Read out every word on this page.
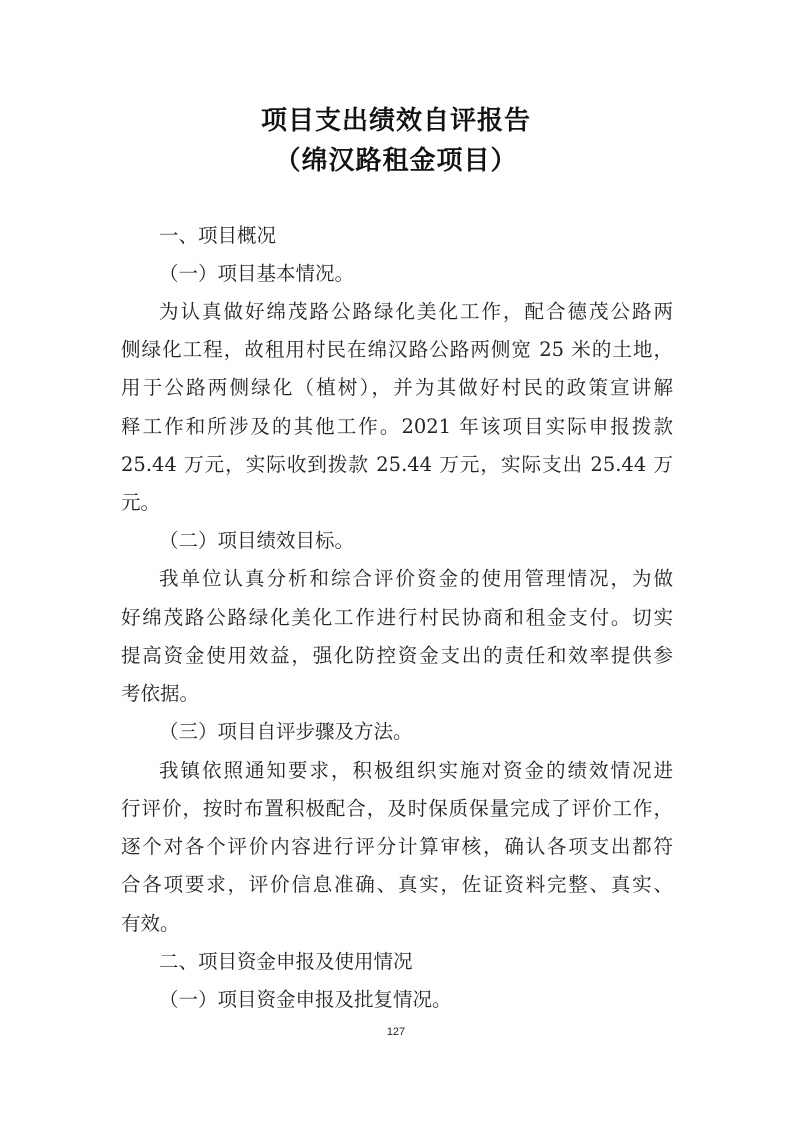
项目支出绩效自评报告
（绵汉路租金项目）
一、项目概况
（一）项目基本情况。
为认真做好绵茂路公路绿化美化工作，配合德茂公路两
侧绿化工程，故租用村民在绵汉路公路两侧宽 25 米的土地，
用于公路两侧绿化（植树），并为其做好村民的政策宣讲解
释工作和所涉及的其他工作。2021 年该项目实际申报拨款
25.44 万元，实际收到拨款 25.44 万元，实际支出 25.44 万
元。
（二）项目绩效目标。
我单位认真分析和综合评价资金的使用管理情况，为做
好绵茂路公路绿化美化工作进行村民协商和租金支付。切实
提高资金使用效益，强化防控资金支出的责任和效率提供参
考依据。
（三）项目自评步骤及方法。
我镇依照通知要求，积极组织实施对资金的绩效情况进
行评价，按时布置积极配合，及时保质保量完成了评价工作，
逐个对各个评价内容进行评分计算审核，确认各项支出都符
合各项要求，评价信息准确、真实，佐证资料完整、真实、
有效。
二、项目资金申报及使用情况
（一）项目资金申报及批复情况。
127
